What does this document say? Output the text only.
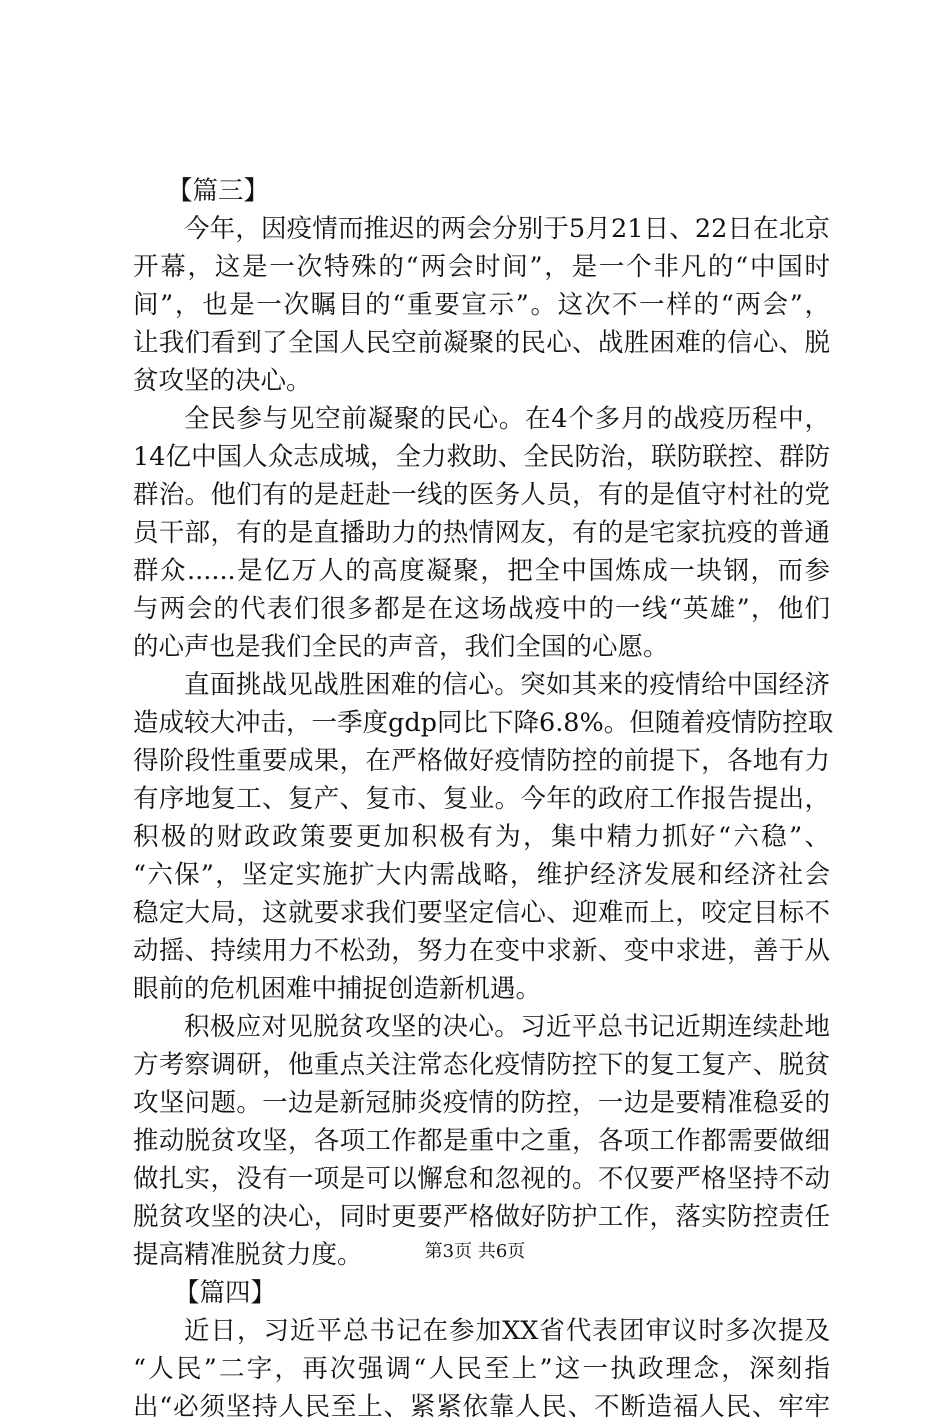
【篇三】
今年，因疫情而推迟的两会分别于5月21日、22日在北京
开幕，这是一次特殊的“两会时间”，是一个非凡的“中国时
间”，也是一次瞩目的“重要宣示”。这次不一样的“两会”，
让我们看到了全国人民空前凝聚的民心、战胜困难的信心、脱
贫攻坚的决心。
全民参与见空前凝聚的民心。在4个多月的战疫历程中，
14亿中国人众志成城，全力救助、全民防治，联防联控、群防
群治。他们有的是赶赴一线的医务人员，有的是值守村社的党
员干部，有的是直播助力的热情网友，有的是宅家抗疫的普通
群众......是亿万人的高度凝聚，把全中国炼成一块钢，而参
与两会的代表们很多都是在这场战疫中的一线“英雄”，他们
的心声也是我们全民的声音，我们全国的心愿。
直面挑战见战胜困难的信心。突如其来的疫情给中国经济
造成较大冲击，一季度gdp同比下降6.8%。但随着疫情防控取
得阶段性重要成果，在严格做好疫情防控的前提下，各地有力
有序地复工、复产、复市、复业。今年的政府工作报告提出，
积极的财政政策要更加积极有为，集中精力抓好“六稳”、
“六保”，坚定实施扩大内需战略，维护经济发展和经济社会
稳定大局，这就要求我们要坚定信心、迎难而上，咬定目标不
动摇、持续用力不松劲，努力在变中求新、变中求进，善于从
眼前的危机困难中捕捉创造新机遇。
积极应对见脱贫攻坚的决心。习近平总书记近期连续赴地
方考察调研，他重点关注常态化疫情防控下的复工复产、脱贫
攻坚问题。一边是新冠肺炎疫情的防控，一边是要精准稳妥的
推动脱贫攻坚，各项工作都是重中之重，各项工作都需要做细
做扎实，没有一项是可以懈怠和忽视的。不仅要严格坚持不动
脱贫攻坚的决心，同时更要严格做好防护工作，落实防控责任
提高精准脱贫力度。
【篇四】
近日，习近平总书记在参加XX省代表团审议时多次提及
“人民”二字，再次强调“人民至上”这一执政理念，深刻指
出“必须坚持人民至上、紧紧依靠人民、不断造福人民、牢牢
第3页 共6页
